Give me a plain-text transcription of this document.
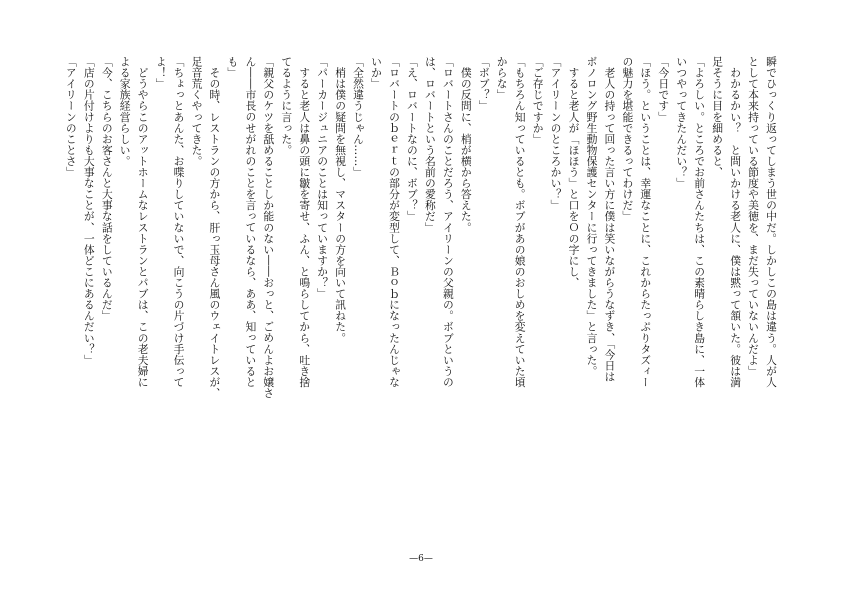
瞬でひっくり返ってしまう世の中だ。しかしこの島は違う。人が人
として本来持っている節度や美徳を、まだ失っていないんだよ」
　わかるかい？　と問いかける老人に、僕は黙って頷いた。彼は満
足そうに目を細めると、
「よろしい。ところでお前さんたちは、この素晴らしき島に、一体
いつやってきたんだい？」
「今日です」
「ほう。ということは、幸運なことに、これからたっぷりタズィー
の魅力を堪能できるってわけだ」
　老人の持って回った言い方に僕は笑いながらうなずき、「今日は
ボノロング野生動物保護センターに行ってきました」と言った。
　すると老人が「ほほう」と口をＯの字にし、
「アイリーンのところかい？」
「ご存じですか」
「もちろん知っているとも。ボブがあの娘のおしめを変えていた頃
からな」
「ボブ？」
　僕の反問に、梢が横から答えた。
「ロバートさんのことだろう、アイリーンの父親の。ボブというの
は、ロバートという名前の愛称だ」
「え、ロバートなのに、ボブ？」
「ロバートのｂｅｒｔの部分が変型して、Ｂｏｂになったんじゃな
いか」
「全然違うじゃん……」
　梢は僕の疑問を無視し、マスターの方を向いて訊ねた。
「パーカージュニアのことは知っていますか？」
　すると老人は鼻の頭に皺を寄せ、ふん、と鳴らしてから、吐き捨
てるように言った。
「親父のケツを舐めることしか能のない――おっと、ごめんよお嬢さ
ん――市長のせがれのことを言っているなら、ああ、知っていると
も」
　その時、レストランの方から、肝っ玉母さん風のウェイトレスが、
足音荒くやってきた。
「ちょっとあんた、お喋りしていないで、向こうの片づけ手伝って
よ！」
　どうやらこのアットホームなレストランとパブは、この老夫婦に
よる家族経営らしい。
「今、こちらのお客さんと大事な話をしているんだ」
「店の片付けよりも大事なことが、一体どこにあるんだい？」
「アイリーンのことさ」
—6—
